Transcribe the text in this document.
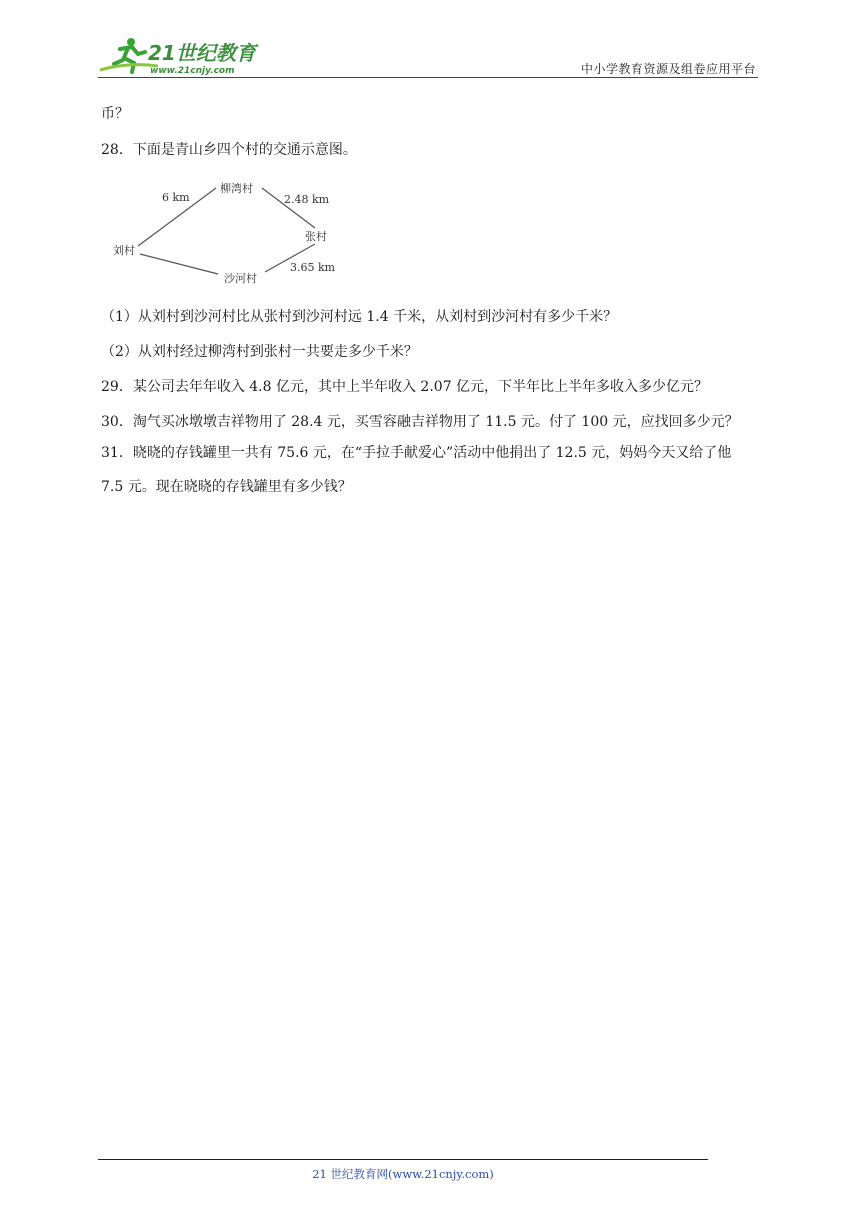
21世纪教育
www.21cnjy.com	中小学教育资源及组卷应用平台
币？
28．下面是青山乡四个村的交通示意图。
（1）从刘村到沙河村比从张村到沙河村远 1.4 千米，从刘村到沙河村有多少千米？
（2）从刘村经过柳湾村到张村一共要走多少千米？
29．某公司去年年收入 4.8 亿元，其中上半年收入 2.07 亿元，下半年比上半年多收入多少亿元？
30．淘气买冰墩墩吉祥物用了 28.4 元，买雪容融吉祥物用了 11.5 元。付了 100 元，应找回多少元？
31．晓晓的存钱罐里一共有 75.6 元，在“手拉手献爱心”活动中他捐出了 12.5 元，妈妈今天又给了他
7.5 元。现在晓晓的存钱罐里有多少钱？
刘村
柳湾村
张村
沙河村
6 km	2.48 km
3.65 km
21 世纪教育网(www.21cnjy.com)
